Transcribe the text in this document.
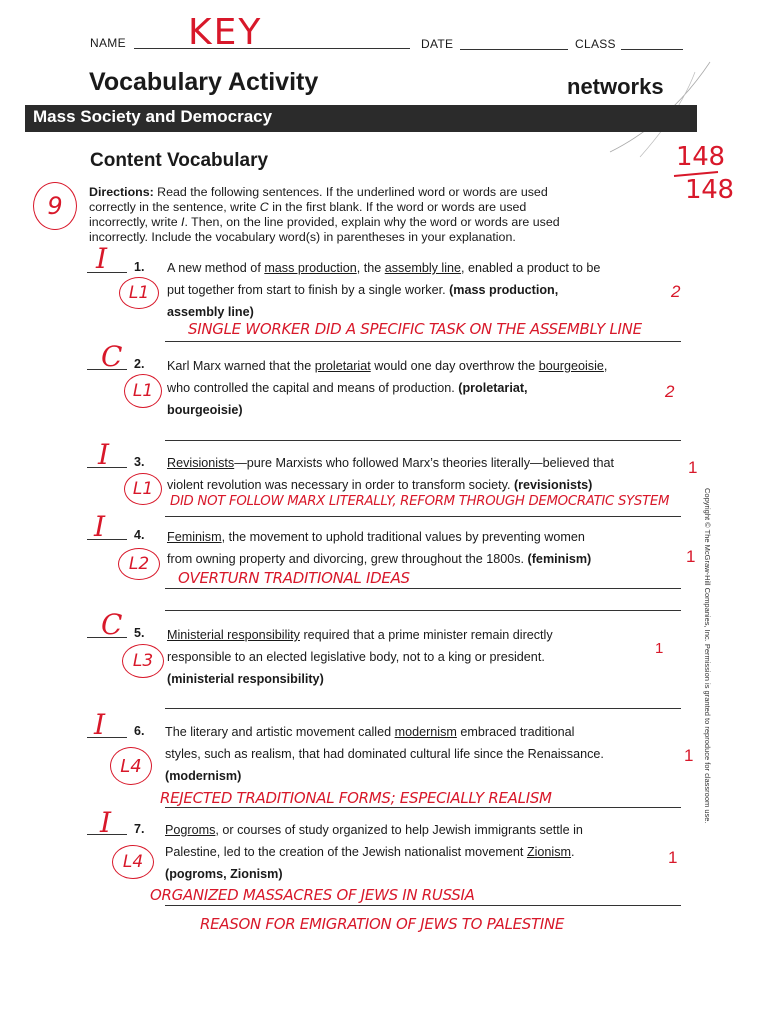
NAME KEY	DATE	CLASS
Vocabulary Activity	networks
Mass Society and Democracy
Content Vocabulary	148
148
9	Directions: Read the following sentences. If the underlined word or words are used
correctly in the sentence, write C in the first blank. If the word or words are used
incorrectly, write I. Then, on the line provided, explain why the word or words are used
incorrectly. Include the vocabulary word(s) in parentheses in your explanation.
I 1.
L1
A new method of mass production, the assembly line, enabled a product to be
put together from start to finish by a single worker. (mass production,
assembly line)
2
SINGLE WORKER DID A SPECIFIC TASK ON THE ASSEMBLY LINE
C 2.
L1
Karl Marx warned that the proletariat would one day overthrow the bourgeoisie,
who controlled the capital and means of production. (proletariat,
bourgeoisie)
2
I 3.
L1
Revisionists—pure Marxists who followed Marx’s theories literally—believed that
violent revolution was necessary in order to transform society. (revisionists)
1
DID NOT FOLLOW MARX LITERALLY, REFORM THROUGH DEMOCRATIC SYSTEM
I 4.
L2
Feminism, the movement to uphold traditional values by preventing women
from owning property and divorcing, grew throughout the 1800s. (feminism)	1
OVERTURN TRADITIONAL IDEAS
C 5.
L3
Ministerial responsibility required that a prime minister remain directly
responsible to an elected legislative body, not to a king or president.
(ministerial responsibility)
1
I 6.
L4
The literary and artistic movement called modernism embraced traditional
styles, such as realism, that had dominated cultural life since the Renaissance.
(modernism)
1
REJECTED TRADITIONAL FORMS; ESPECIALLY REALISM
I 7.
L4
Pogroms, or courses of study organized to help Jewish immigrants settle in
Palestine, led to the creation of the Jewish nationalist movement Zionism.
(pogroms, Zionism)
1
ORGANIZED MASSACRES OF JEWS IN RUSSIA
REASON FOR EMIGRATION OF JEWS TO PALESTINE
Copyright © The McGraw-Hill Companies, Inc. Permission is granted to reproduce for classroom use.
